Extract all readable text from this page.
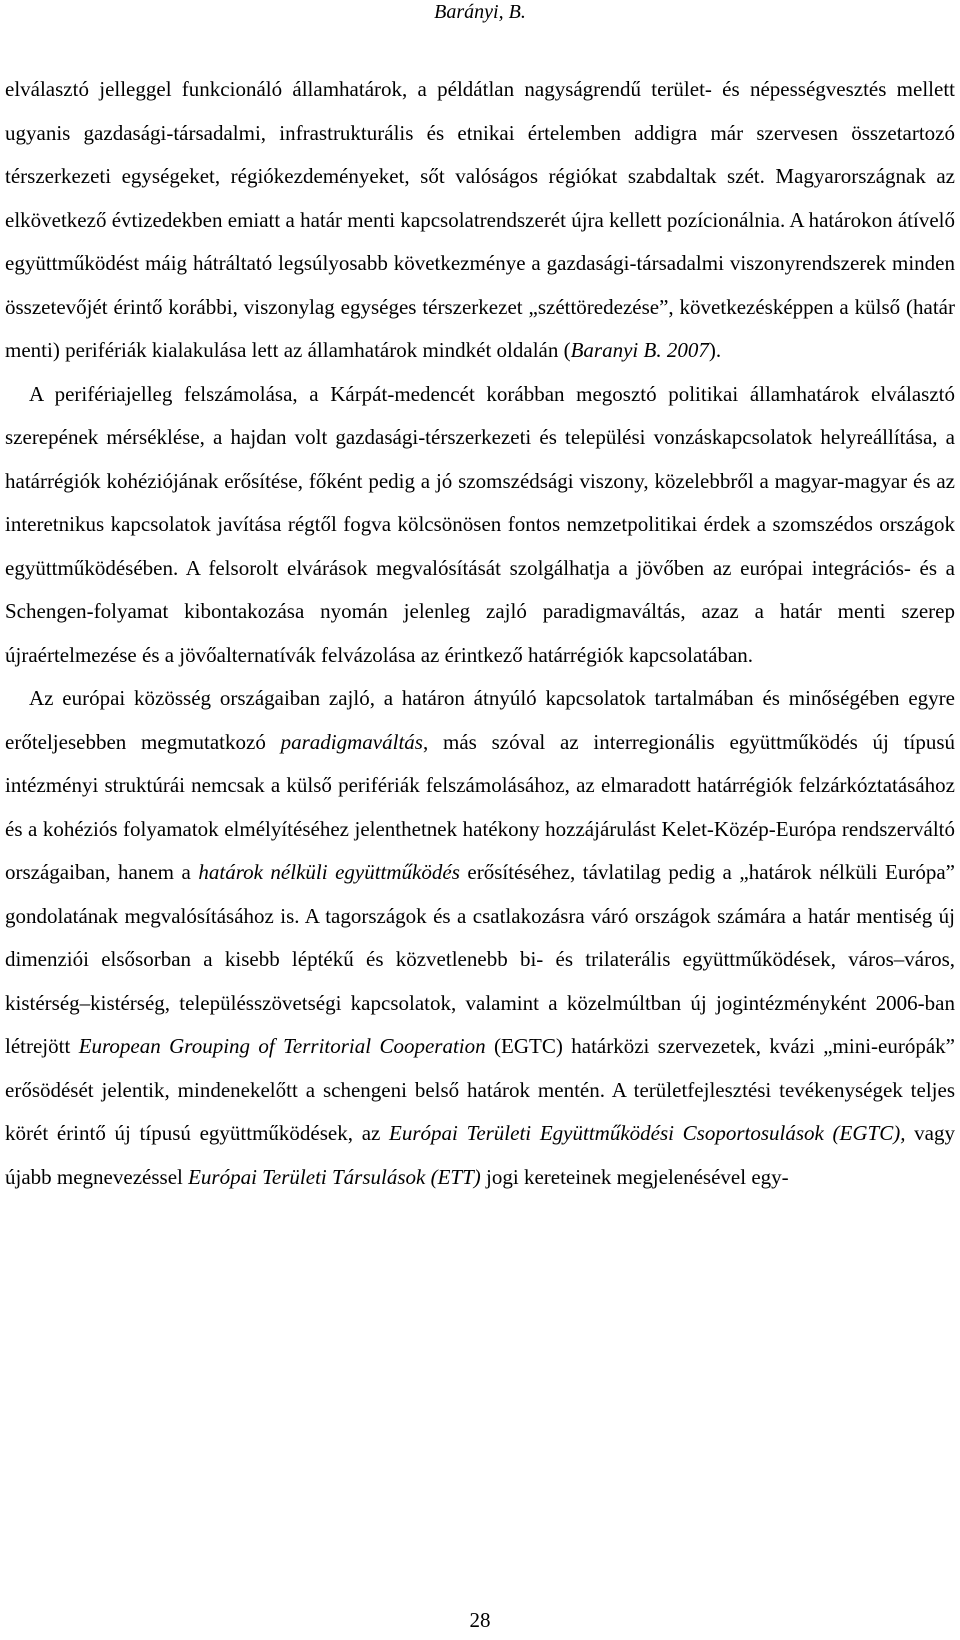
Barányi, B.

elválasztó jelleggel funkcionáló államhatárok, a példátlan nagyságrendű terület- és népességvesztés mellett ugyanis gazdasági-társadalmi, infrastrukturális és etnikai értelemben addigra már szervesen összetartozó térszerkezeti egységeket, régiókezdeményeket, sőt valóságos régiókat szabdaltak szét. Magyarországnak az elkövetkező évtizedekben emiatt a határ menti kapcsolatrendszerét újra kellett pozícionálnia. A határokon átívelő együttműködést máig hátráltató legsúlyosabb következménye a gazdasági-társadalmi viszonyrendszerek minden összetevőjét érintő korábbi, viszonylag egységes térszerkezet „széttöredezése”, következésképpen a külső (határ menti) perifériák kialakulása lett az államhatárok mindkét oldalán (Baranyi B. 2007).

A perifériajelleg felszámolása, a Kárpát-medencét korábban megosztó politikai államhatárok elválasztó szerepének mérséklése, a hajdan volt gazdasági-térszerkezeti és települési vonzáskapcsolatok helyreállítása, a határrégiók kohéziójának erősítése, főként pedig a jó szomszédsági viszony, közelebbről a magyar-magyar és az interetnikus kapcsolatok javítása régtől fogva kölcsönösen fontos nemzetpolitikai érdek a szomszédos országok együttműködésében. A felsorolt elvárások megvalósítását szolgálhatja a jövőben az európai integrációs- és a Schengen-folyamat kibontakozása nyomán jelenleg zajló paradigmaváltás, azaz a határ menti szerep újraértelmezése és a jövőalternatívák felvázolása az érintkező határrégiók kapcsolatában.

Az európai közösség országaiban zajló, a határon átnyúló kapcsolatok tartalmában és minőségében egyre erőteljesebben megmutatkozó paradigmaváltás, más szóval az interregionális együttműködés új típusú intézményi struktúrái nemcsak a külső perifériák felszámolásához, az elmaradott határrégiók felzárkóztatásához és a kohéziós folyamatok elmélyítéséhez jelenthetnek hatékony hozzájárulást Kelet-Közép-Európa rendszerváltó országaiban, hanem a határok nélküli együttműködés erősítéséhez, távlatilag pedig a „határok nélküli Európa” gondolatának megvalósításához is. A tagországok és a csatlakozásra váró országok számára a határ mentiség új dimenziói elsősorban a kisebb léptékű és közvetlenebb bi- és trilaterális együttműködések, város–város, kistérség–kistérség, településszövetségi kapcsolatok, valamint a közelmúltban új jogintézményként 2006-ban létrejött European Grouping of Territorial Cooperation (EGTC) határközi szervezetek, kvázi „mini-európák” erősödését jelentik, mindenekelőtt a schengeni belső határok mentén. A területfejlesztési tevékenységek teljes körét érintő új típusú együttműködések, az Európai Területi Együttműködési Csoportosulások (EGTC), vagy újabb megnevezéssel Európai Területi Társulások (ETT) jogi kereteinek megjelenésével egy-

28
